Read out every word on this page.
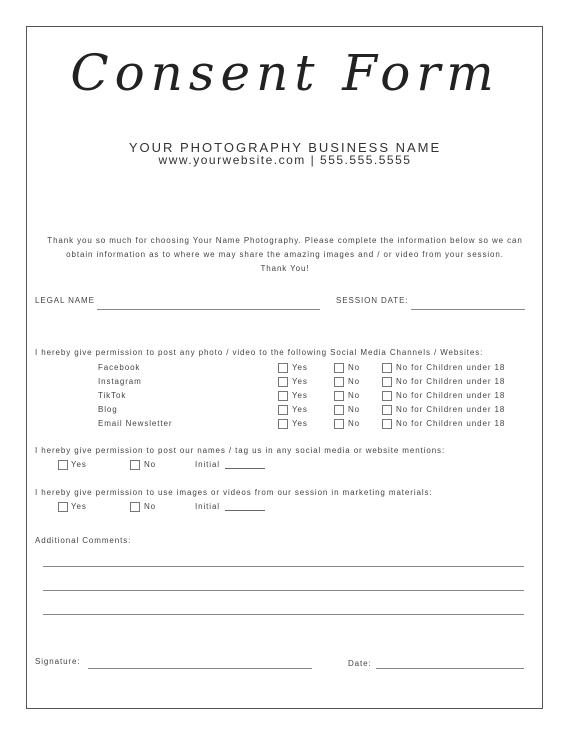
Consent Form
YOUR PHOTOGRAPHY BUSINESS NAME
www.yourwebsite.com | 555.555.5555
Thank you so much for choosing Your Name Photography. Please complete the information below so we can
obtain information as to where we may share the amazing images and / or video from your session.
Thank You!
LEGAL NAME	SESSION DATE:
I hereby give permission to post any photo / video to the following Social Media Channels / Websites:
Facebook	Yes	No	No for Children under 18
Instagram	Yes	No	No for Children under 18
TikTok	Yes	No	No for Children under 18
Blog	Yes	No	No for Children under 18
Email Newsletter	Yes	No	No for Children under 18
I hereby give permission to post our names / tag us in any social media or website mentions:
Yes	No	Initial
I hereby give permission to use images or videos from our session in marketing materials:
Yes	No	Initial
Additional Comments:
Signature:	Date:
